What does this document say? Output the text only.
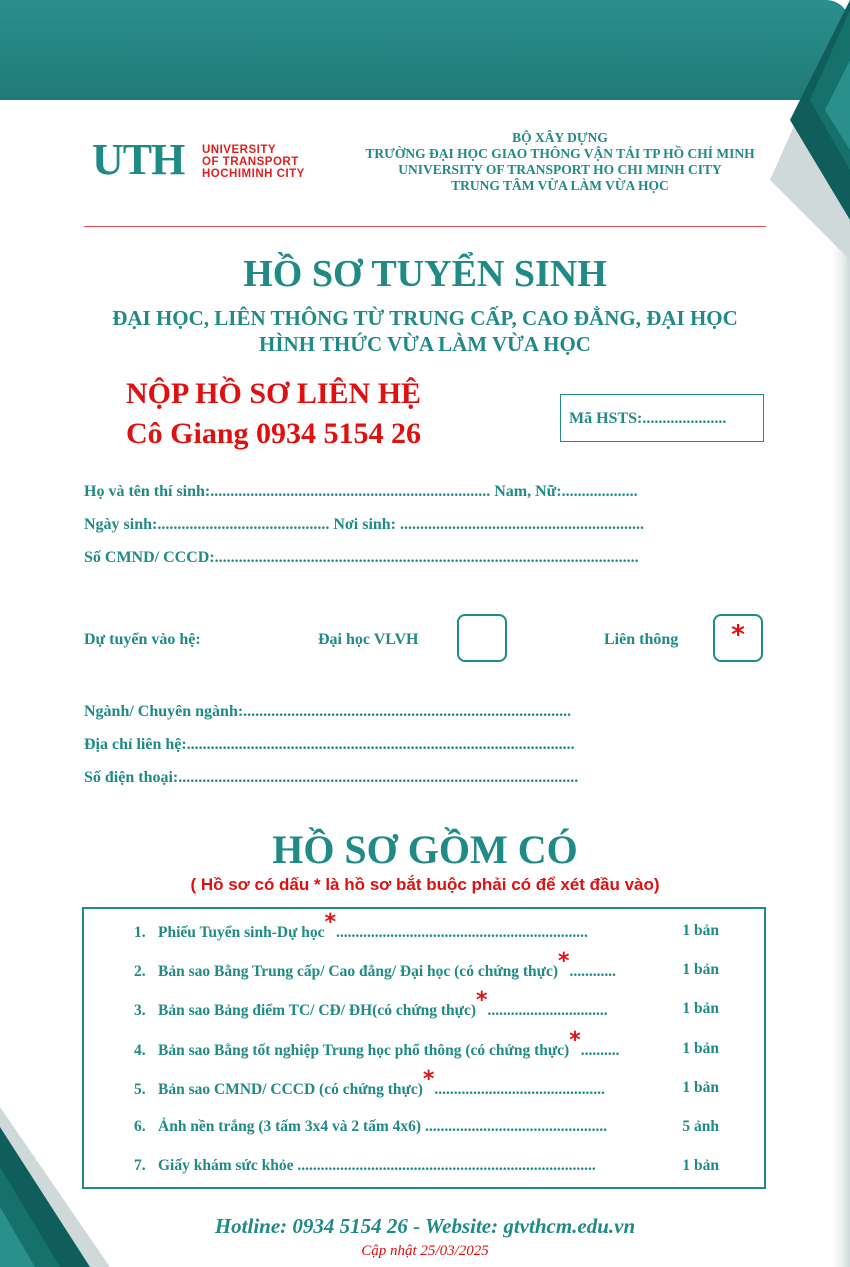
UTH UNIVERSITY
OF TRANSPORT
HOCHIMINH CITY
BỘ XÂY DỰNG
TRƯỜNG ĐẠI HỌC GIAO THÔNG VẬN TẢI TP HỒ CHÍ MINH
UNIVERSITY OF TRANSPORT HO CHI MINH CITY
TRUNG TÂM VỪA LÀM VỪA HỌC
HỒ SƠ TUYỂN SINH
ĐẠI HỌC, LIÊN THÔNG TỪ TRUNG CẤP, CAO ĐẲNG, ĐẠI HỌC
HÌNH THỨC VỪA LÀM VỪA HỌC
NỘP HỒ SƠ LIÊN HỆ
Cô Giang 0934 5154 26	Mã HSTS:.....................
Họ và tên thí sinh:...................................................................... Nam, Nữ:...................
Ngày sinh:........................................... Nơi sinh: .............................................................
Số CMND/ CCCD:..........................................................................................................
Dự tuyển vào hệ:	Đại học VLVH	Liên thông	*
Ngành/ Chuyên ngành:..................................................................................
Địa chỉ liên hệ:.................................................................................................
Số điện thoại:....................................................................................................
HỒ SƠ GỒM CÓ
( Hồ sơ có dấu * là hồ sơ bắt buộc phải có để xét đầu vào)
1. Phiếu Tuyển sinh-Dự học*.................................................................	1 bản
2. Bản sao Bằng Trung cấp/ Cao đẳng/ Đại học (có chứng thực)*............	1 bản
3. Bản sao Bảng điểm TC/ CĐ/ ĐH(có chứng thực)*...............................	1 bản
4. Bản sao Bằng tốt nghiệp Trung học phổ thông (có chứng thực)*..........	1 bản
5. Bản sao CMND/ CCCD (có chứng thực)*............................................	1 bản
6. Ảnh nền trắng (3 tấm 3x4 và 2 tấm 4x6) ...............................................	5 ảnh
7. Giấy khám sức khỏe .............................................................................	1 bản
Hotline: 0934 5154 26 - Website: gtvthcm.edu.vn
Cập nhật 25/03/2025
